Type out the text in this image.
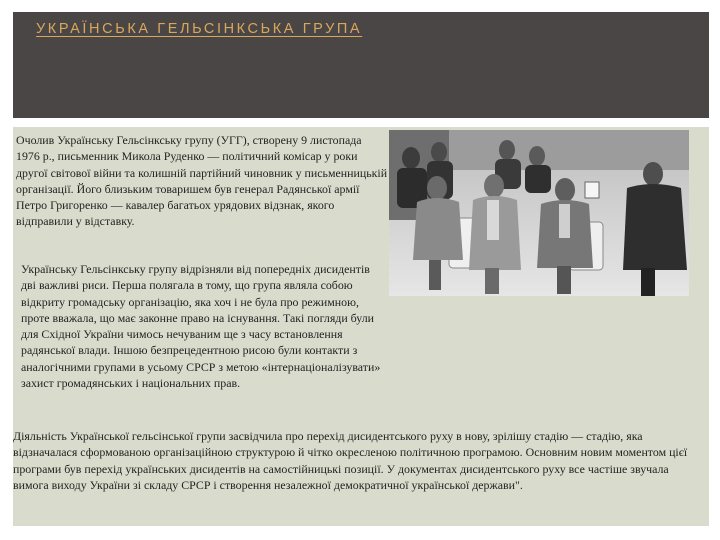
УКРАЇНСЬКА ГЕЛЬСІНКСЬКА ГРУПА
Очолив Українську Гельсінкську групу (УГГ), створену 9 листопада 1976 р., письменник Микола Руденко — політичний комісар у роки другої світової війни та колишній партійний чиновник у письменницькій організації. Його близьким товаришем був генерал Радянської армії Петро Григоренко — кавалер багатьох урядових відзнак, якого відправили у відставку.
Українську Гельсінкську групу відрізняли від попередніх дисидентів дві важливі риси. Перша полягала в тому, що група являла собою відкриту громадську організацію, яка хоч і не була про режимною, проте вважала, що має законне право на існування. Такі погляди були для Східної України чимось нечуваним ще з часу встановлення радянської влади. Іншою безпрецедентною рисою були контакти з аналогічними групами в усьому СРСР з метою «інтернаціоналізувати» захист громадянських і національних прав.
Діяльність Української гельсінської групи засвідчила про перехід дисидентського руху в нову, зрілішу стадію — стадію, яка відзначалася сформованою організаційною структурою й чітко окресленою політичною програмою. Основним новим моментом цієї програми був перехід українських дисидентів на самостійницькі позиції. У документах дисидентського руху все частіше звучала вимога виходу України зі складу СРСР і створення незалежної демократичної української держави".
